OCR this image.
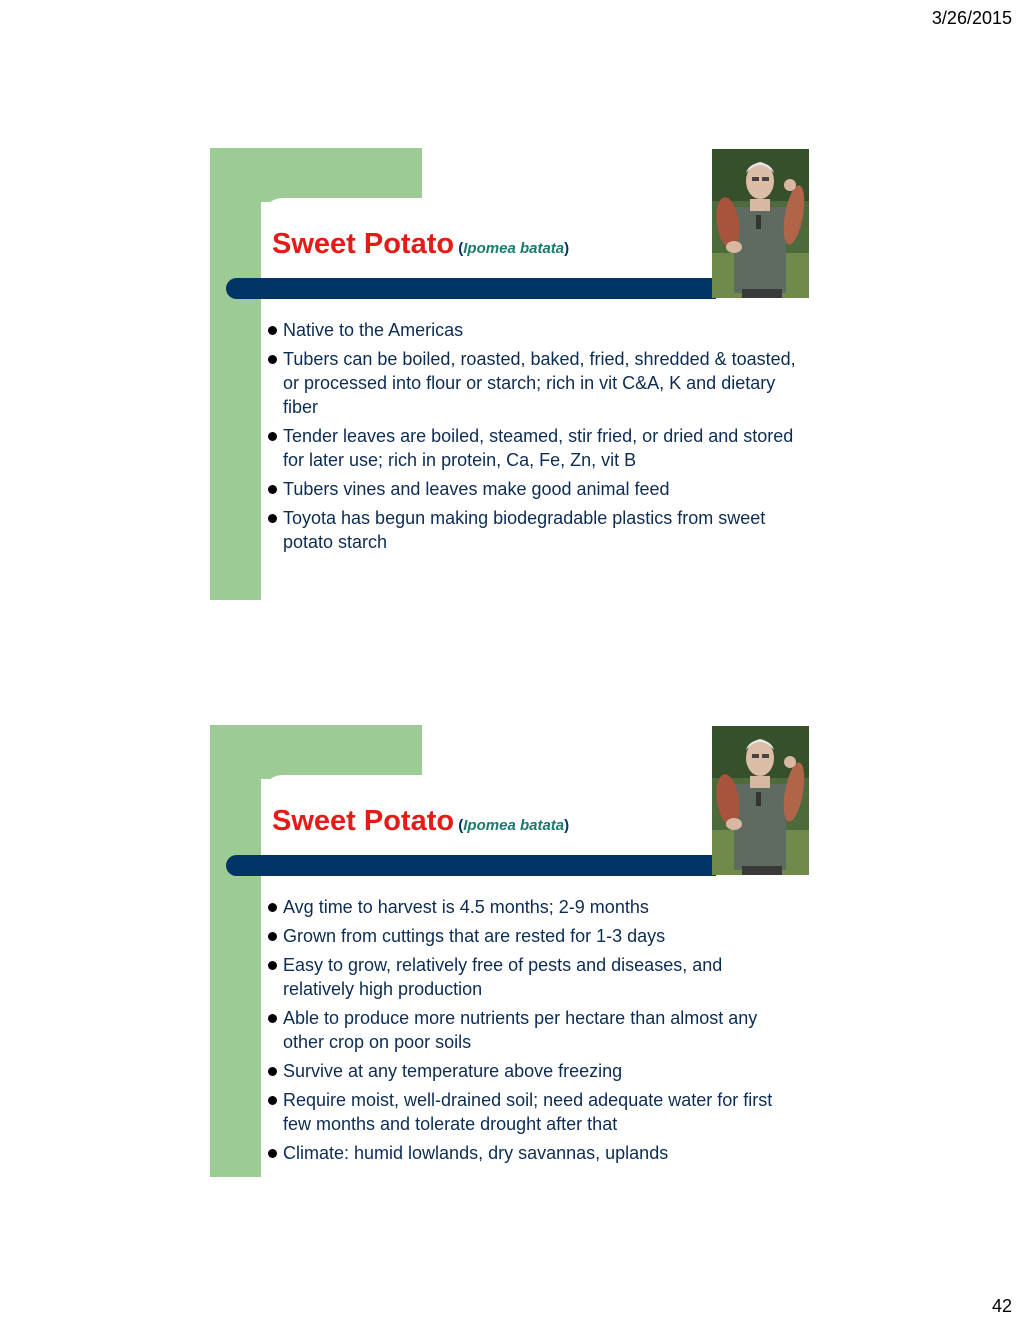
3/26/2015
Sweet Potato (Ipomea batata)
Native to the Americas
Tubers can be boiled, roasted, baked, fried, shredded & toasted, or processed into flour or starch; rich in vit C&A, K and dietary fiber
Tender leaves are boiled, steamed, stir fried, or dried and stored for later use; rich in protein, Ca, Fe, Zn, vit B
Tubers vines and leaves make good animal feed
Toyota has begun making biodegradable plastics from sweet potato starch
Sweet Potato (Ipomea batata)
Avg time to harvest is 4.5 months; 2-9 months
Grown from cuttings that are rested for 1-3 days
Easy to grow, relatively free of pests and diseases, and relatively high production
Able to produce more nutrients per hectare than almost any other crop on poor soils
Survive at any temperature above freezing
Require moist, well-drained soil; need adequate water for first few months and tolerate drought after that
Climate: humid lowlands, dry savannas, uplands
42
